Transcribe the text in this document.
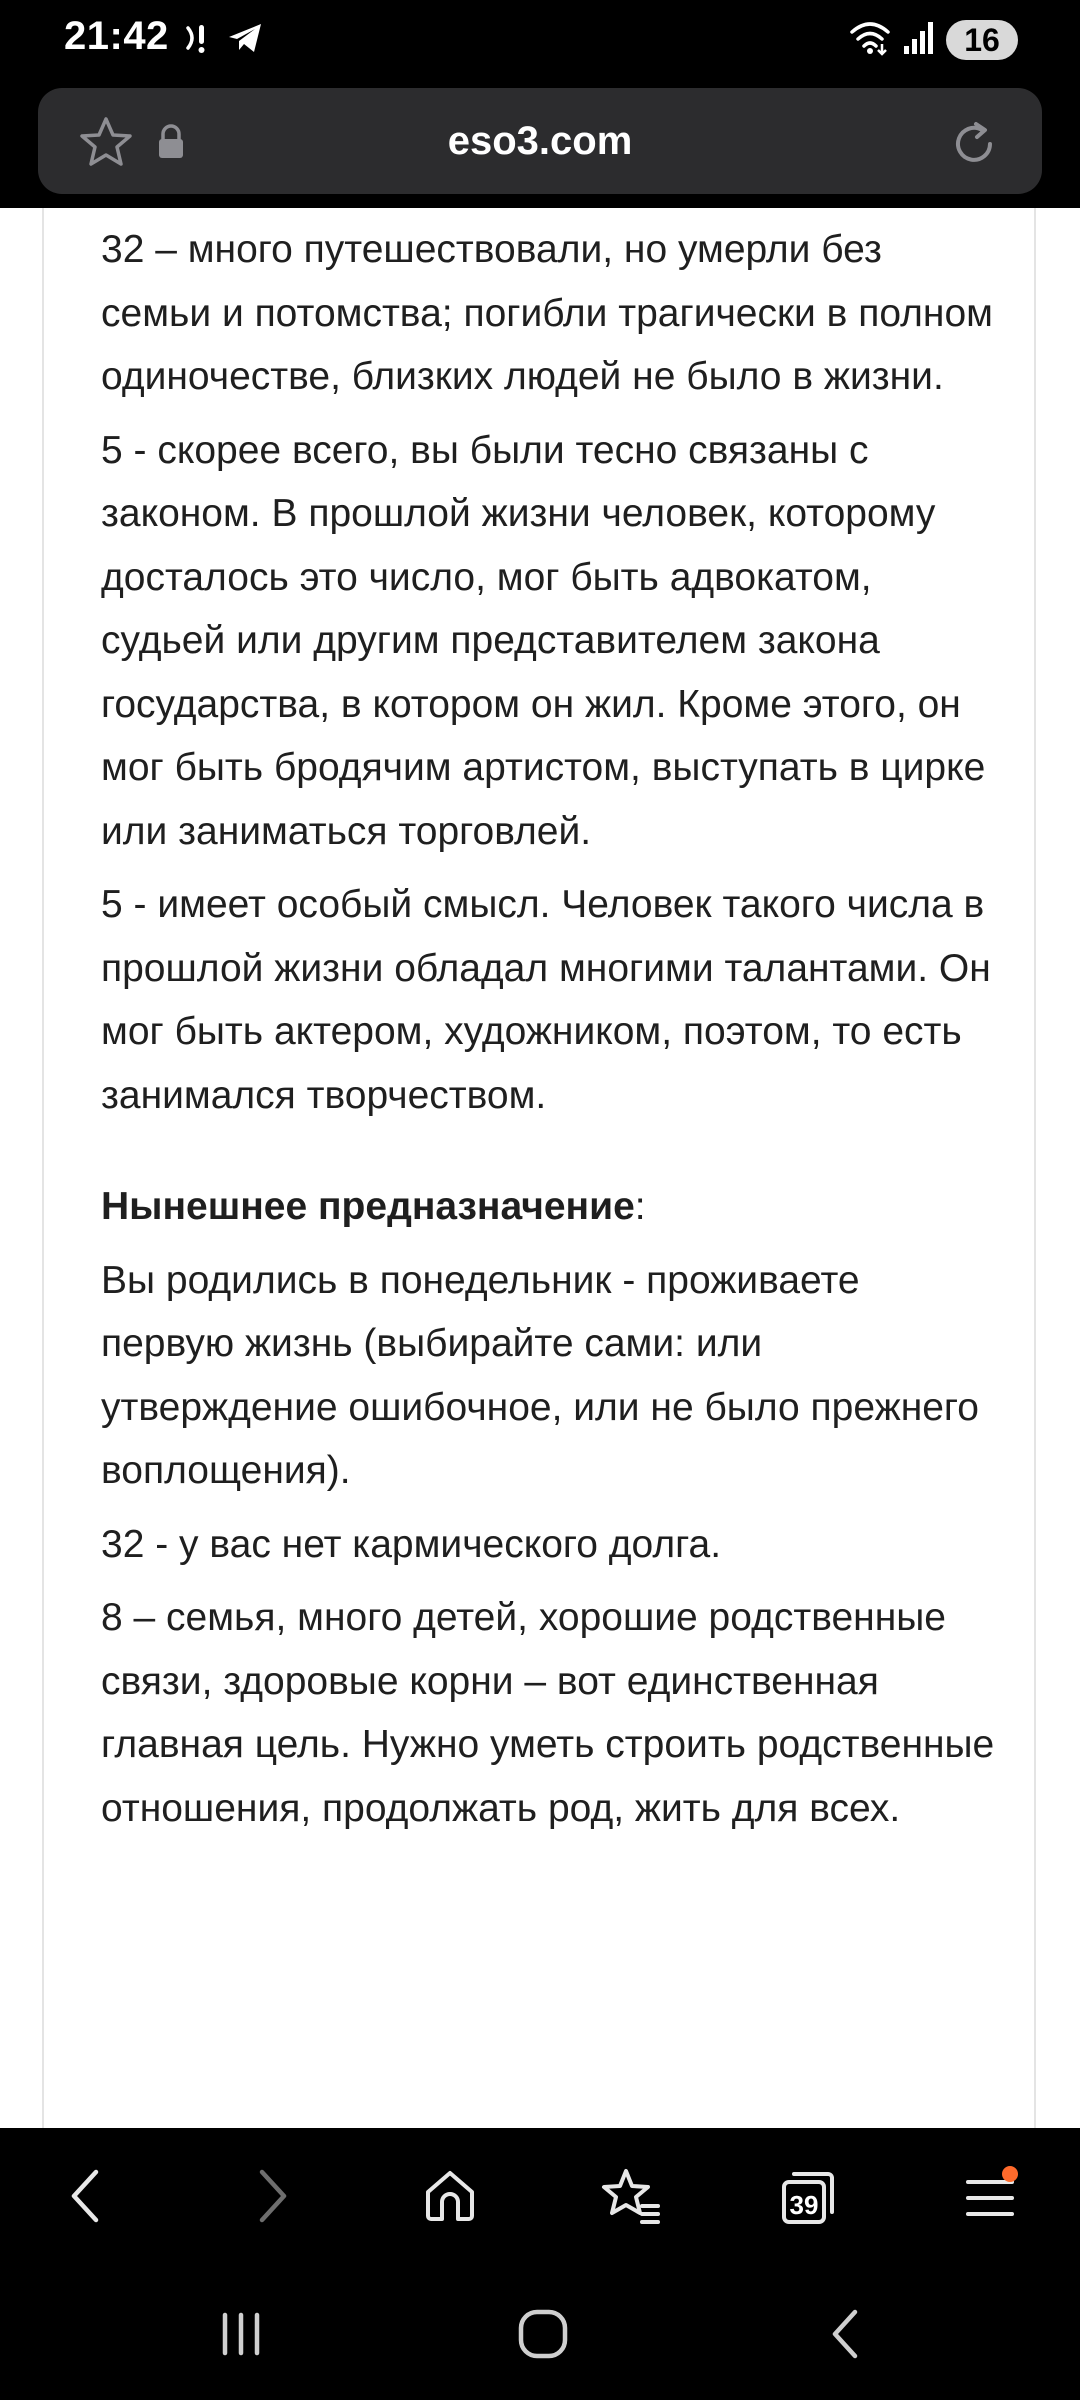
21:42	16
eso3.com

32 – много путешествовали, но умерли без семьи и потомства; погибли трагически в полном одиночестве, близких людей не было в жизни.

5 - скорее всего, вы были тесно связаны с законом. В прошлой жизни человек, которому досталось это число, мог быть адвокатом, судьей или другим представителем закона государства, в котором он жил. Кроме этого, он мог быть бродячим артистом, выступать в цирке или заниматься торговлей.

5 - имеет особый смысл. Человек такого числа в прошлой жизни обладал многими талантами. Он мог быть актером, художником, поэтом, то есть занимался творчеством.

Нынешнее предназначение:

Вы родились в понедельник - проживаете первую жизнь (выбирайте сами: или утверждение ошибочное, или не было прежнего воплощения).

32 - у вас нет кармического долга.

8 – семья, много детей, хорошие родственные связи, здоровые корни – вот единственная главная цель. Нужно уметь строить родственные отношения, продолжать род, жить для всех.

39
